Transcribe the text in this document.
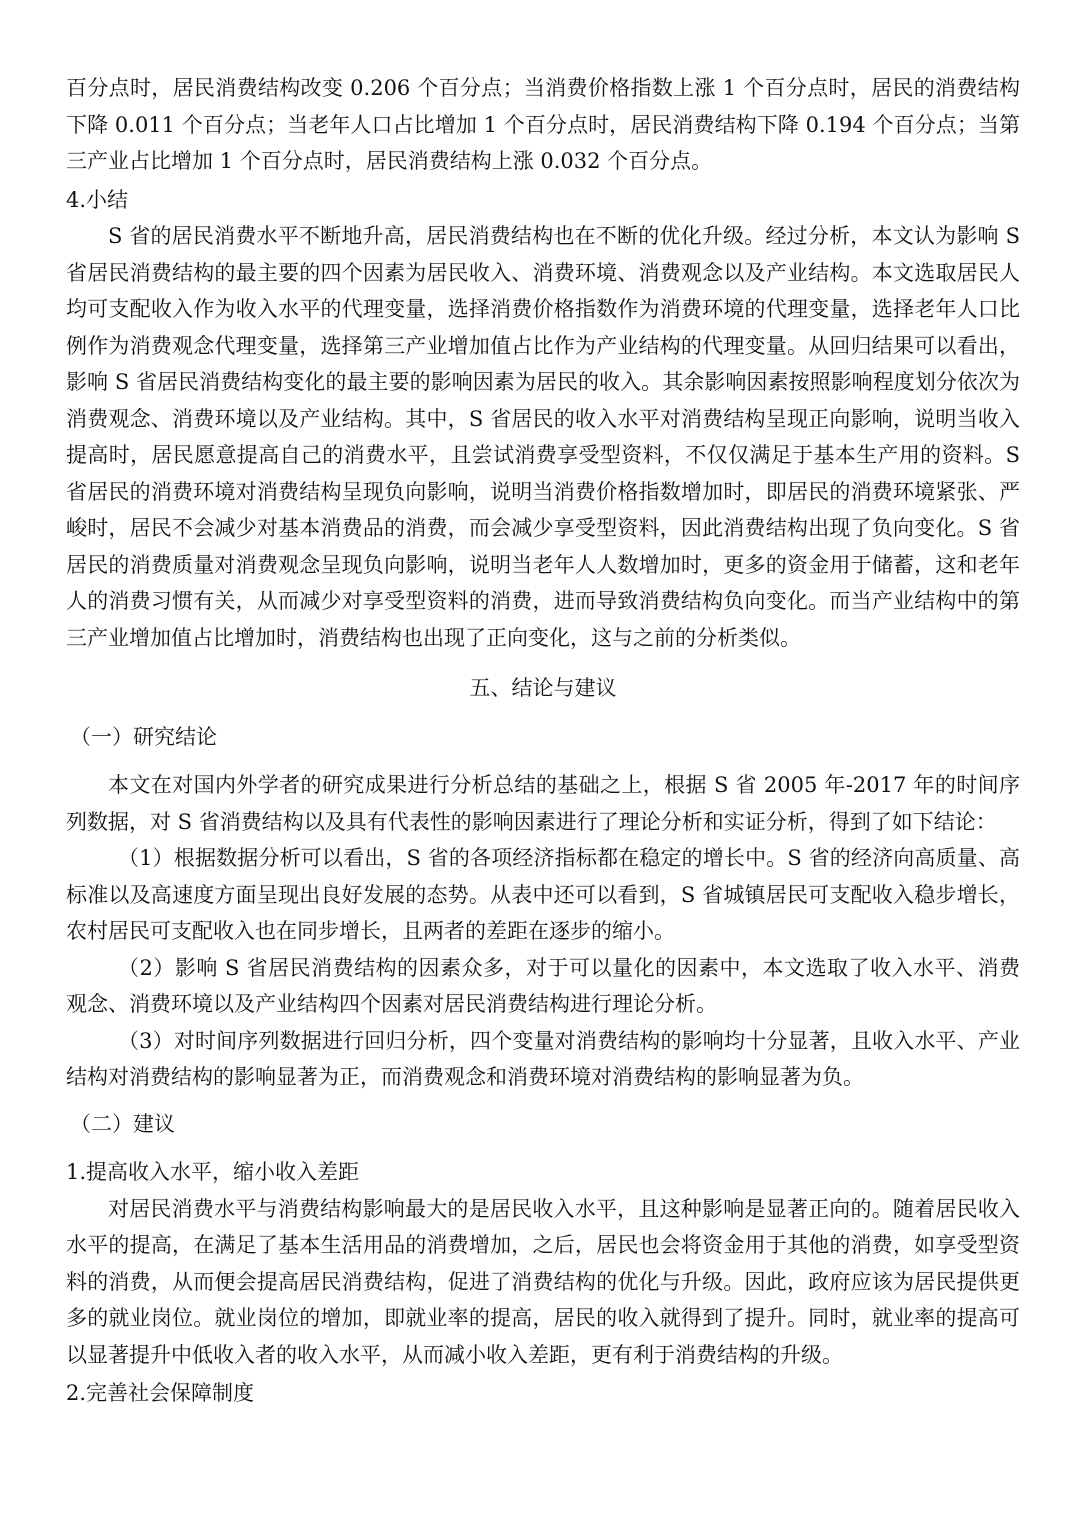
百分点时，居民消费结构改变 0.206 个百分点；当消费价格指数上涨 1 个百分点时，居民的消费结构下降 0.011 个百分点；当老年人口占比增加 1 个百分点时，居民消费结构下降 0.194 个百分点；当第三产业占比增加 1 个百分点时，居民消费结构上涨 0.032 个百分点。

4.小结

S 省的居民消费水平不断地升高，居民消费结构也在不断的优化升级。经过分析，本文认为影响 S 省居民消费结构的最主要的四个因素为居民收入、消费环境、消费观念以及产业结构。本文选取居民人均可支配收入作为收入水平的代理变量，选择消费价格指数作为消费环境的代理变量，选择老年人口比例作为消费观念代理变量，选择第三产业增加值占比作为产业结构的代理变量。从回归结果可以看出，影响 S 省居民消费结构变化的最主要的影响因素为居民的收入。其余影响因素按照影响程度划分依次为消费观念、消费环境以及产业结构。其中，S 省居民的收入水平对消费结构呈现正向影响，说明当收入提高时，居民愿意提高自己的消费水平，且尝试消费享受型资料，不仅仅满足于基本生产用的资料。S 省居民的消费环境对消费结构呈现负向影响，说明当消费价格指数增加时，即居民的消费环境紧张、严峻时，居民不会减少对基本消费品的消费，而会减少享受型资料，因此消费结构出现了负向变化。S 省居民的消费质量对消费观念呈现负向影响，说明当老年人人数增加时，更多的资金用于储蓄，这和老年人的消费习惯有关，从而减少对享受型资料的消费，进而导致消费结构负向变化。而当产业结构中的第三产业增加值占比增加时，消费结构也出现了正向变化，这与之前的分析类似。

五、结论与建议

（一）研究结论

本文在对国内外学者的研究成果进行分析总结的基础之上，根据 S 省 2005 年-2017 年的时间序列数据，对 S 省消费结构以及具有代表性的影响因素进行了理论分析和实证分析，得到了如下结论：

（1）根据数据分析可以看出，S 省的各项经济指标都在稳定的增长中。S 省的经济向高质量、高标准以及高速度方面呈现出良好发展的态势。从表中还可以看到，S 省城镇居民可支配收入稳步增长，农村居民可支配收入也在同步增长，且两者的差距在逐步的缩小。

（2）影响 S 省居民消费结构的因素众多，对于可以量化的因素中，本文选取了收入水平、消费观念、消费环境以及产业结构四个因素对居民消费结构进行理论分析。

（3）对时间序列数据进行回归分析，四个变量对消费结构的影响均十分显著，且收入水平、产业结构对消费结构的影响显著为正，而消费观念和消费环境对消费结构的影响显著为负。

（二）建议

1.提高收入水平，缩小收入差距

对居民消费水平与消费结构影响最大的是居民收入水平，且这种影响是显著正向的。随着居民收入水平的提高，在满足了基本生活用品的消费增加，之后，居民也会将资金用于其他的消费，如享受型资料的消费，从而便会提高居民消费结构，促进了消费结构的优化与升级。因此，政府应该为居民提供更多的就业岗位。就业岗位的增加，即就业率的提高，居民的收入就得到了提升。同时，就业率的提高可以显著提升中低收入者的收入水平，从而减小收入差距，更有利于消费结构的升级。

2.完善社会保障制度
